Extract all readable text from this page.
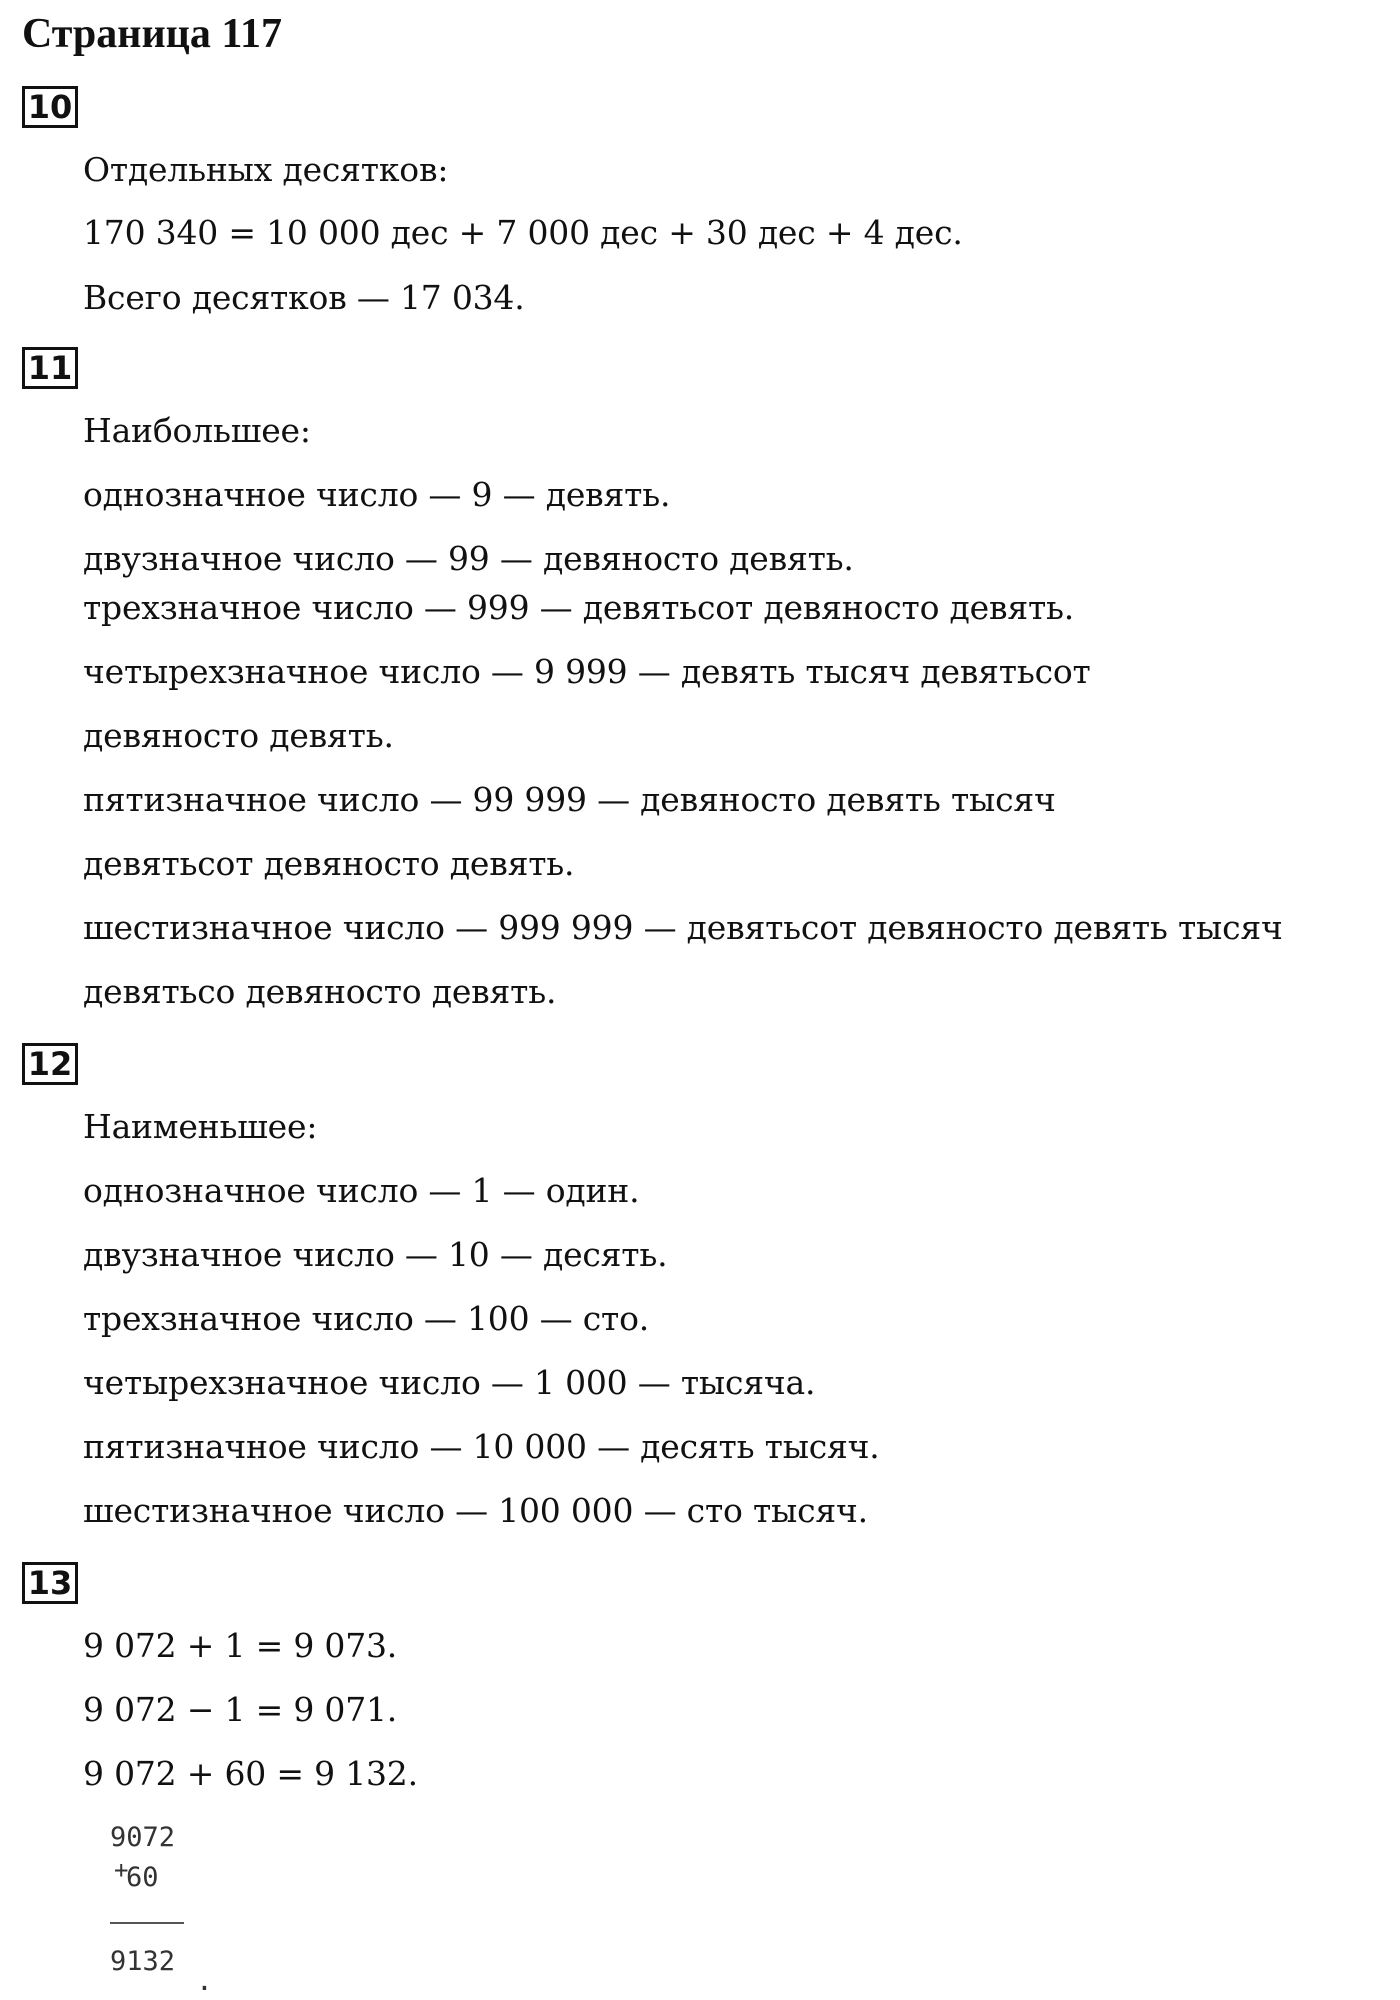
Страница 117
10
Отдельных десятков:
170 340 = 10 000 дес + 7 000 дес + 30 дес + 4 дес.
Всего десятков — 17 034.
11
Наибольшее:
однозначное число — 9 — девять.
двузначное число — 99 — девяносто девять.
трехзначное число — 999 — девятьсот девяносто девять.
четырехзначное число — 9 999 — девять тысяч девятьсот
девяносто девять.
пятизначное число — 99 999 — девяносто девять тысяч
девятьсот девяносто девять.
шестизначное число — 999 999 — девятьсот девяносто девять тысяч
девятьсо девяносто девять.
12
Наименьшее:
однозначное число — 1 — один.
двузначное число — 10 — десять.
трехзначное число — 100 — сто.
четырехзначное число — 1 000 — тысяча.
пятизначное число — 10 000 — десять тысяч.
шестизначное число — 100 000 — сто тысяч.
13
9 072 + 1 = 9 073.
9 072 − 1 = 9 071.
9 072 + 60 = 9 132.
9072
+
60
9132
.
